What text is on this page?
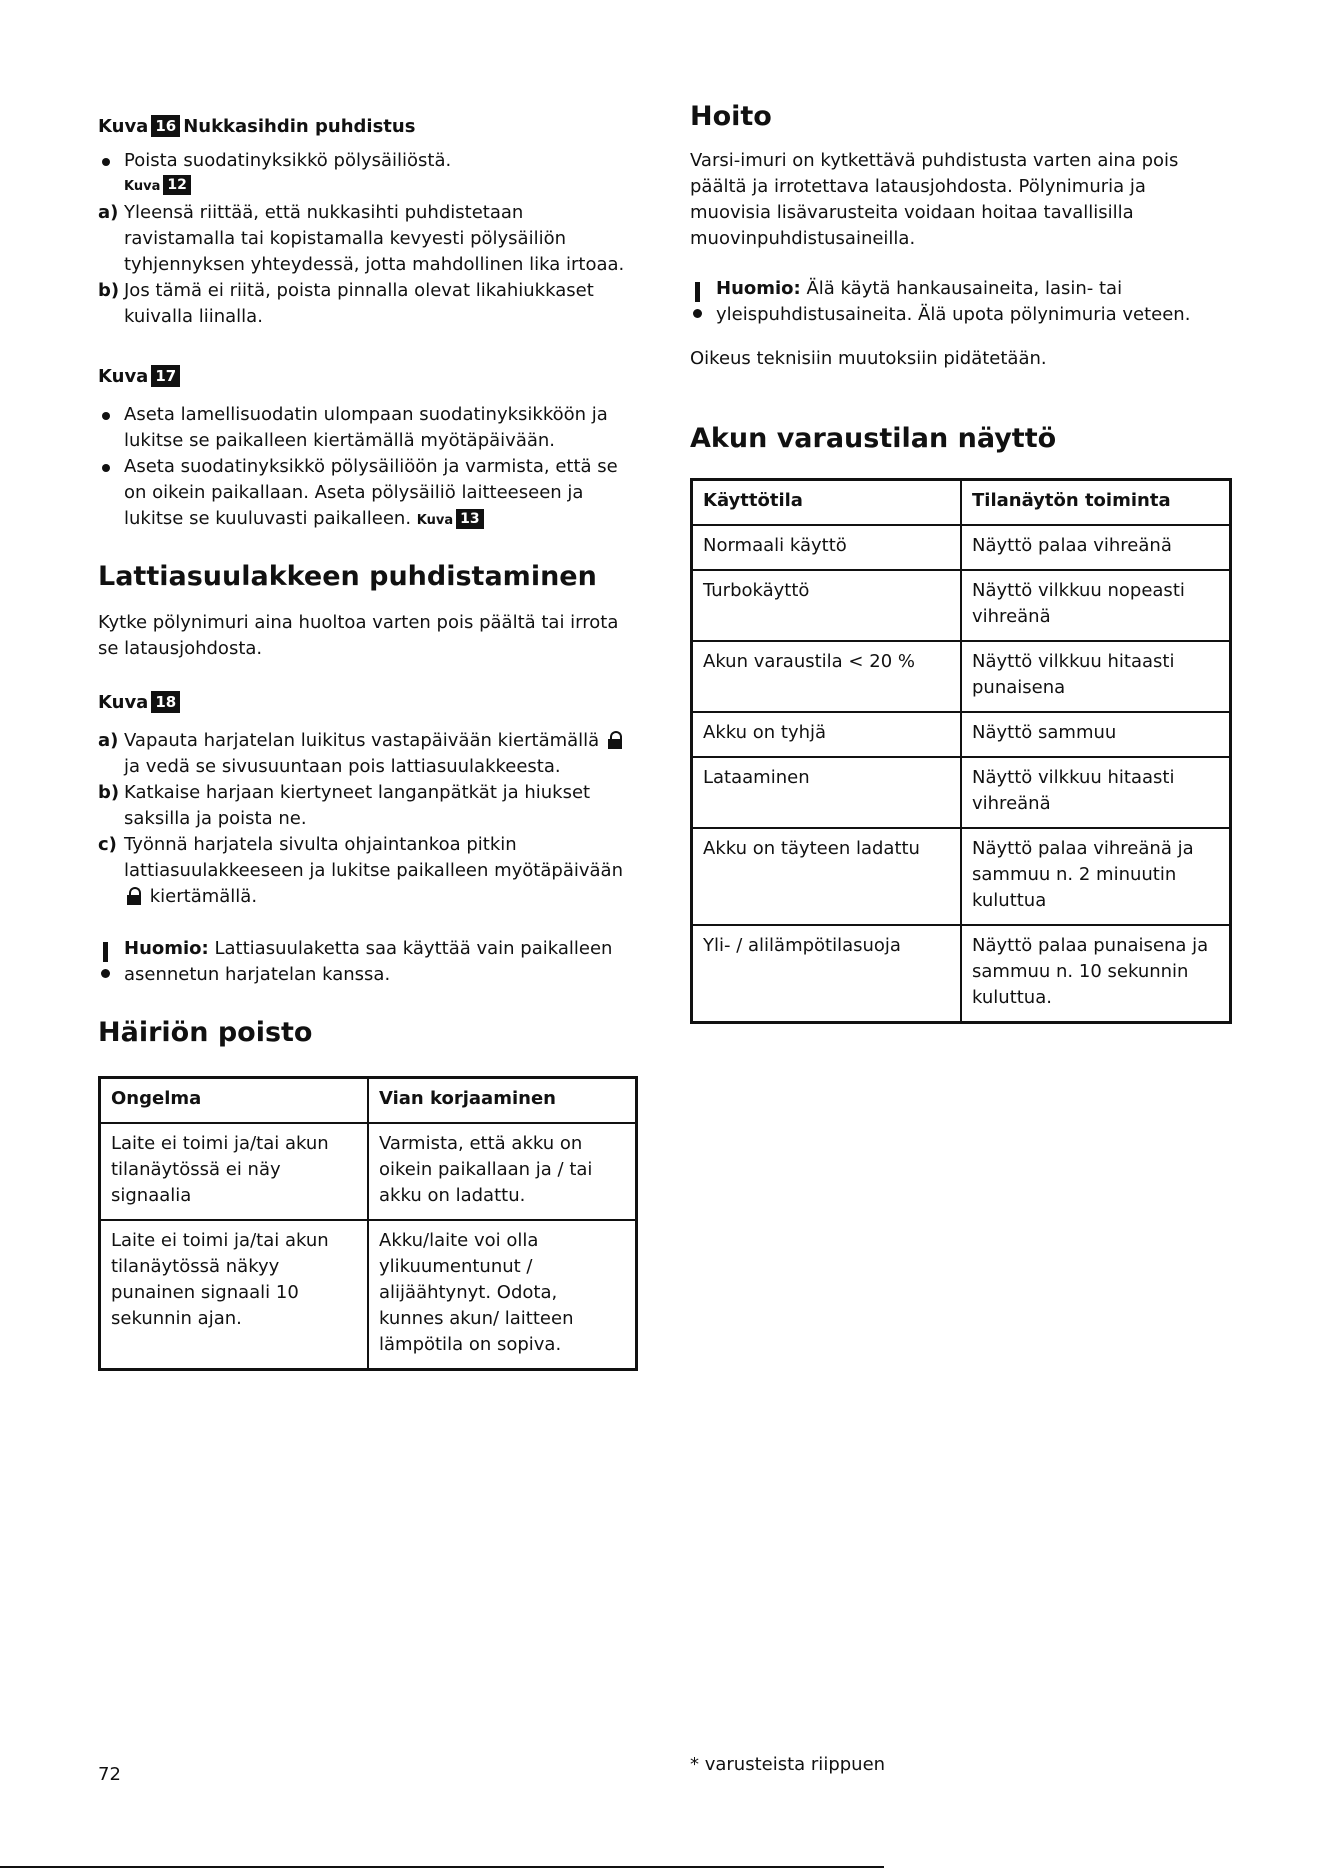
Kuva 16 Nukkasihdin puhdistus

Poista suodatinyksikkö pölysäiliöstä.

Kuva 12

a) Yleensä riittää, että nukkasihti puhdistetaan ravistamalla tai kopistamalla kevyesti pölysäiliön tyhjennyksen yhteydessä, jotta mahdollinen lika irtoaa.
b) Jos tämä ei riitä, poista pinnalla olevat likahiukkaset kuivalla liinalla.

Kuva 17

Aseta lamellisuodatin ulompaan suodatinyksikköön ja lukitse se paikalleen kiertämällä myötäpäivään.
Aseta suodatinyksikkö pölysäiliöön ja varmista, että se on oikein paikallaan. Aseta pölysäiliö laitteeseen ja lukitse se kuuluvasti paikalleen. Kuva 13
Lattiasuulakkeen puhdistaminen

Kytke pölynimuri aina huoltoa varten pois päältä tai irrota se latausjohdosta.

Kuva 18

a) Vapauta harjatelan luikitus vastapäivään kiertämällä
ja vedä se sivusuuntaan pois lattiasuulakkeesta.
b) Katkaise harjaan kiertyneet langanpätkät ja hiukset saksilla ja poista ne.
c) Työnnä harjatela sivulta ohjaintankoa pitkin lattiasuulakkeeseen ja lukitse paikalleen myötäpäivään
kiertämällä.
Huomio: Lattiasuulaketta saa käyttää vain paikalleen asennetun harjatelan kanssa.
Häiriön poisto
Ongelma	Vian korjaaminen
Laite ei toimi ja/tai akun tilanäytössä ei näy signaalia	Varmista, että akku on oikein paikallaan ja / tai akku on ladattu.
Laite ei toimi ja/tai akun tilanäytössä näkyy punainen signaali 10 sekunnin ajan.	Akku/laite voi olla ylikuumentunut / alijäähtynyt. Odota, kunnes akun/ laitteen lämpötila on sopiva.
Hoito

Varsi-imuri on kytkettävä puhdistusta varten aina pois päältä ja irrotettava latausjohdosta. Pölynimuria ja muovisia lisävarusteita voidaan hoitaa tavallisilla muovinpuhdistusaineilla.

Huomio: Älä käytä hankausaineita, lasin- tai yleispuhdistusaineita. Älä upota pölynimuria veteen.

Oikeus teknisiin muutoksiin pidätetään.

Akun varaustilan näyttö
Käyttötila	Tilanäytön toiminta
Normaali käyttö	Näyttö palaa vihreänä
Turbokäyttö	Näyttö vilkkuu nopeasti vihreänä
Akun varaustila < 20 %	Näyttö vilkkuu hitaasti punaisena
Akku on tyhjä	Näyttö sammuu
Lataaminen	Näyttö vilkkuu hitaasti vihreänä
Akku on täyteen ladattu	Näyttö palaa vihreänä ja sammuu n. 2 minuutin kuluttua
Yli- / alilämpötilasuoja	Näyttö palaa punaisena ja sammuu n. 10 sekunnin kuluttua.
72	* varusteista riippuen
